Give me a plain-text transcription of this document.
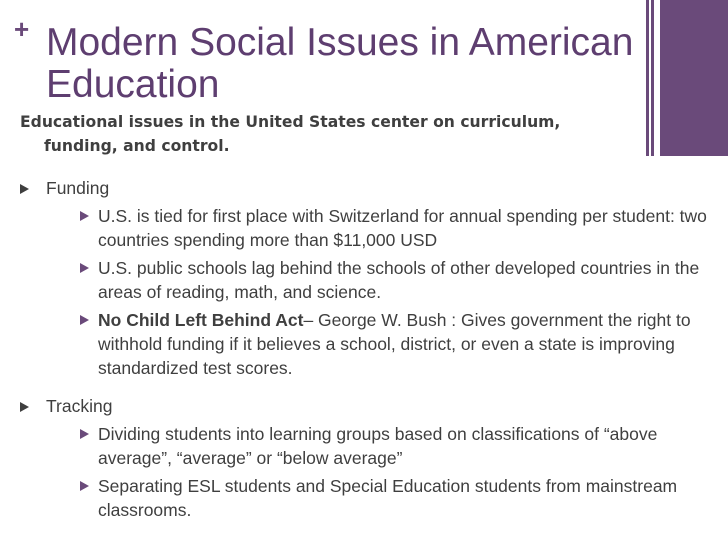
+ Modern Social Issues in American Education
Educational issues in the United States center on curriculum,
funding, and control.
Funding
U.S. is tied for first place with Switzerland for annual spending per student: two countries spending more than $11,000 USD
U.S. public schools lag behind the schools of other developed countries in the areas of reading, math, and science.
No Child Left Behind Act– George W. Bush : Gives government the right to withhold funding if it believes a school, district, or even a state is improving standardized test scores.
Tracking
Dividing students into learning groups based on classifications of “above average”, “average” or “below average”
Separating ESL students and Special Education students from mainstream classrooms.
